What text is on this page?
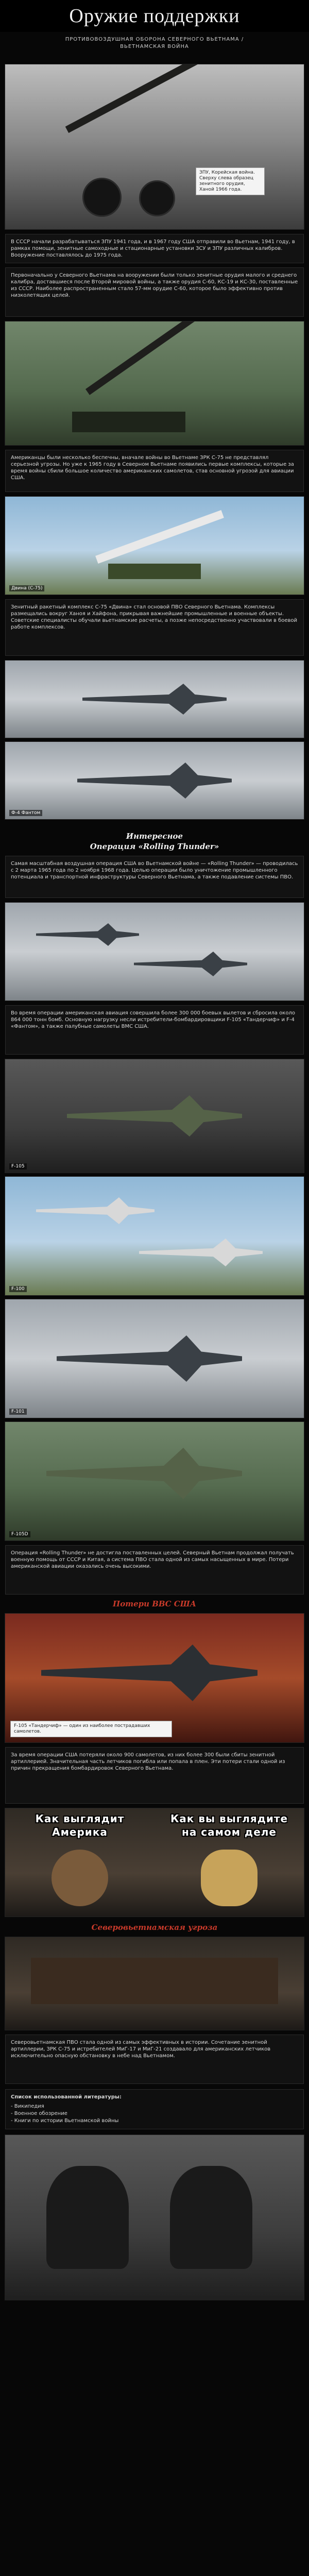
Оружие поддержки
ПРОТИВОВОЗДУШНАЯ ОБОРОНА СЕВЕРНОГО ВЬЕТНАМА / ВЬЕТНАМСКАЯ ВОЙНА
ЗПУ, Корейская война. Сверху слева образец зенитного орудия, Ханой 1966 года.
В СССР начали разрабатываться ЗПУ 1941 года, и в 1967 году США отправили во Вьетнам, 1941 году, в рамках помощи, зенитные самоходные и стационарные установки ЗСУ и ЗПУ различных калибров. Вооружение поставлялось до 1975 года.
Первоначально у Северного Вьетнама на вооружении были только зенитные орудия малого и среднего калибра, доставшиеся после Второй мировой войны, а также орудия С-60, КС-19 и КС-30, поставленные из СССР. Наиболее распространенным стало 57-мм орудие С-60, которое было эффективно против низколетящих целей.
Американцы были несколько беспечны, вначале войны во Вьетнаме ЗРК С-75 не представлял серьезной угрозы. Но уже к 1965 году в Северном Вьетнаме появились первые комплексы, которые за время войны сбили большое количество американских самолетов, став основной угрозой для авиации США.
Двина (С-75)
Зенитный ракетный комплекс С-75 «Двина» стал основой ПВО Северного Вьетнама. Комплексы размещались вокруг Ханоя и Хайфона, прикрывая важнейшие промышленные и военные объекты. Советские специалисты обучали вьетнамские расчеты, а позже непосредственно участвовали в боевой работе комплексов.
Ф-4 Фантом
Интересное
Операция «Rolling Thunder»
Самая масштабная воздушная операция США во Вьетнамской войне — «Rolling Thunder» — проводилась с 2 марта 1965 года по 2 ноября 1968 года. Целью операции было уничтожение промышленного потенциала и транспортной инфраструктуры Северного Вьетнама, а также подавление системы ПВО.
Во время операции американская авиация совершила более 300 000 боевых вылетов и сбросила около 864 000 тонн бомб. Основную нагрузку несли истребители-бомбардировщики F-105 «Тандерчиф» и F-4 «Фантом», а также палубные самолеты ВМС США.
F-105
F-100
F-101
F-105D
Операция «Rolling Thunder» не достигла поставленных целей. Северный Вьетнам продолжал получать военную помощь от СССР и Китая, а система ПВО стала одной из самых насыщенных в мире. Потери американской авиации оказались очень высокими.
Потери ВВС США
F-105 «Тандерчиф» — один из наиболее пострадавших самолетов.
За время операции США потеряли около 900 самолетов, из них более 300 были сбиты зенитной артиллерией. Значительная часть летчиков погибла или попала в плен. Эти потери стали одной из причин прекращения бомбардировок Северного Вьетнама.
Как выглядит
Америка
Как вы выглядите
на самом деле
Северовьетнамская угроза
Северовьетнамская ПВО стала одной из самых эффективных в истории. Сочетание зенитной артиллерии, ЗРК С-75 и истребителей МиГ-17 и МиГ-21 создавало для американских летчиков исключительно опасную обстановку в небе над Вьетнамом.
Список использованной литературы:
- Википедия
- Военное обозрение
- Книги по истории Вьетнамской войны
